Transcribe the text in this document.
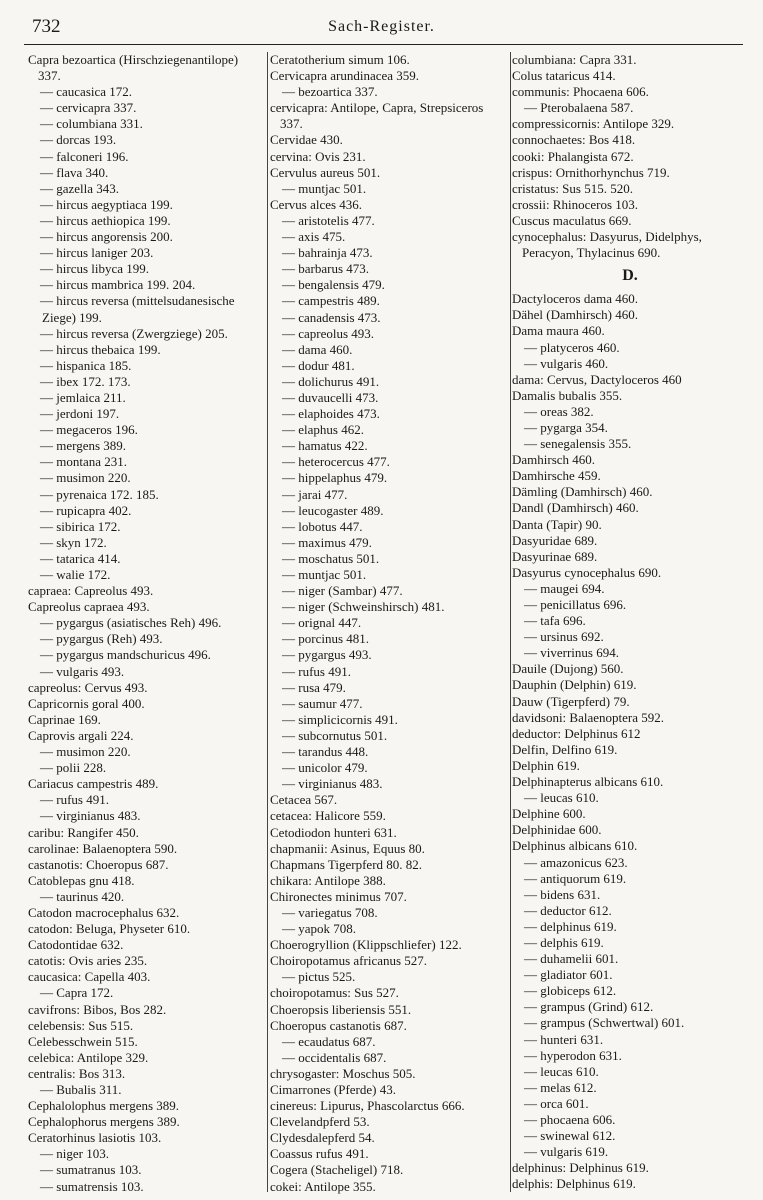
732	Sach-Register.
Capra bezoartica (Hirschziegenantilope) 337.
— caucasica 172.
— cervicapra 337.
— columbiana 331.
— dorcas 193.
— falconeri 196.
— flava 340.
— gazella 343.
— hircus aegyptiaca 199.
— hircus aethiopica 199.
— hircus angorensis 200.
— hircus laniger 203.
— hircus libyca 199.
— hircus mambrica 199. 204.
— hircus reversa (mittelsudanesische Ziege) 199.
— hircus reversa (Zwergziege) 205.
— hircus thebaica 199.
— hispanica 185.
— ibex 172. 173.
— jemlaica 211.
— jerdoni 197.
— megaceros 196.
— mergens 389.
— montana 231.
— musimon 220.
— pyrenaica 172. 185.
— rupicapra 402.
— sibirica 172.
— skyn 172.
— tatarica 414.
— walie 172.
capraea: Capreolus 493.
Capreolus capraea 493.
— pygargus (asiatisches Reh) 496.
— pygargus (Reh) 493.
— pygargus mandschuricus 496.
— vulgaris 493.
capreolus: Cervus 493.
Capricornis goral 400.
Caprinae 169.
Caprovis argali 224.
— musimon 220.
— polii 228.
Cariacus campestris 489.
— rufus 491.
— virginianus 483.
caribu: Rangifer 450.
carolinae: Balaenoptera 590.
castanotis: Choeropus 687.
Catoblepas gnu 418.
— taurinus 420.
Catodon macrocephalus 632.
catodon: Beluga, Physeter 610.
Catodontidae 632.
catotis: Ovis aries 235.
caucasica: Capella 403.
— Capra 172.
cavifrons: Bibos, Bos 282.
celebensis: Sus 515.
Celebesschwein 515.
celebica: Antilope 329.
centralis: Bos 313.
— Bubalis 311.
Cephalolophus mergens 389.
Cephalophorus mergens 389.
Ceratorhinus lasiotis 103.
— niger 103.
— sumatranus 103.
— sumatrensis 103.
Ceratotherium simum 106.
Cervicapra arundinacea 359.
— bezoartica 337.
cervicapra: Antilope, Capra, Strepsiceros 337.
Cervidae 430.
cervina: Ovis 231.
Cervulus aureus 501.
— muntjac 501.
Cervus alces 436.
— aristotelis 477.
— axis 475.
— bahrainja 473.
— barbarus 473.
— bengalensis 479.
— campestris 489.
— canadensis 473.
— capreolus 493.
— dama 460.
— dodur 481.
— dolichurus 491.
— duvaucelli 473.
— elaphoides 473.
— elaphus 462.
— hamatus 422.
— heterocercus 477.
— hippelaphus 479.
— jarai 477.
— leucogaster 489.
— lobotus 447.
— maximus 479.
— moschatus 501.
— muntjac 501.
— niger (Sambar) 477.
— niger (Schweinshirsch) 481.
— orignal 447.
— porcinus 481.
— pygargus 493.
— rufus 491.
— rusa 479.
— saumur 477.
— simplicicornis 491.
— subcornutus 501.
— tarandus 448.
— unicolor 479.
— virginianus 483.
Cetacea 567.
cetacea: Halicore 559.
Cetodiodon hunteri 631.
chapmanii: Asinus, Equus 80.
Chapmans Tigerpferd 80. 82.
chikara: Antilope 388.
Chironectes minimus 707.
— variegatus 708.
— yapok 708.
Choerogryllion (Klippschliefer) 122.
Choiropotamus africanus 527.
— pictus 525.
choiropotamus: Sus 527.
Choeropsis liberiensis 551.
Choeropus castanotis 687.
— ecaudatus 687.
— occidentalis 687.
chrysogaster: Moschus 505.
Cimarrones (Pferde) 43.
cinereus: Lipurus, Phascolarctus 666.
Clevelandpferd 53.
Clydesdalepferd 54.
Coassus rufus 491.
Cogera (Stacheligel) 718.
cokei: Antilope 355.
columbiana: Capra 331.
Colus tataricus 414.
communis: Phocaena 606.
— Pterobalaena 587.
compressicornis: Antilope 329.
connochaetes: Bos 418.
cooki: Phalangista 672.
crispus: Ornithorhynchus 719.
cristatus: Sus 515. 520.
crossii: Rhinoceros 103.
Cuscus maculatus 669.
cynocephalus: Dasyurus, Didelphys, Peracyon, Thylacinus 690.
D.
Dactyloceros dama 460.
Dähel (Damhirsch) 460.
Dama maura 460.
— platyceros 460.
— vulgaris 460.
dama: Cervus, Dactyloceros 460
Damalis bubalis 355.
— oreas 382.
— pygarga 354.
— senegalensis 355.
Damhirsch 460.
Damhirsche 459.
Dämling (Damhirsch) 460.
Dandl (Damhirsch) 460.
Danta (Tapir) 90.
Dasyuridae 689.
Dasyurinae 689.
Dasyurus cynocephalus 690.
— maugei 694.
— penicillatus 696.
— tafa 696.
— ursinus 692.
— viverrinus 694.
Dauile (Dujong) 560.
Dauphin (Delphin) 619.
Dauw (Tigerpferd) 79.
davidsoni: Balaenoptera 592.
deductor: Delphinus 612
Delfin, Delfino 619.
Delphin 619.
Delphinapterus albicans 610.
— leucas 610.
Delphine 600.
Delphinidae 600.
Delphinus albicans 610.
— amazonicus 623.
— antiquorum 619.
— bidens 631.
— deductor 612.
— delphinus 619.
— delphis 619.
— duhamelii 601.
— gladiator 601.
— globiceps 612.
— grampus (Grind) 612.
— grampus (Schwertwal) 601.
— hunteri 631.
— hyperodon 631.
— leucas 610.
— melas 612.
— orca 601.
— phocaena 606.
— swinewal 612.
— vulgaris 619.
delphinus: Delphinus 619.
delphis: Delphinus 619.
